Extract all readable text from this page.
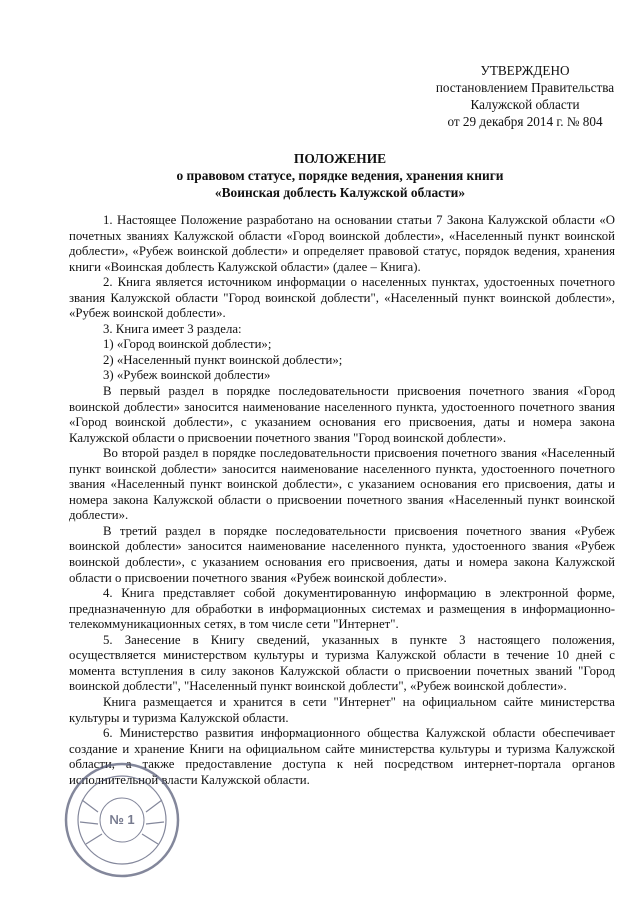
УТВЕРЖДЕНО
постановлением Правительства
Калужской области
от 29 декабря 2014 г. № 804
ПОЛОЖЕНИЕ
о правовом статусе, порядке ведения, хранения книги
«Воинская доблесть Калужской области»

1. Настоящее Положение разработано на основании статьи 7 Закона Калужской области «О почетных званиях Калужской области «Город воинской доблести», «Населенный пункт воинской доблести», «Рубеж воинской доблести» и определяет правовой статус, порядок ведения, хранения книги «Воинская доблесть Калужской области» (далее – Книга).

2. Книга является источником информации о населенных пунктах, удостоенных почетного звания Калужской области "Город воинской доблести", «Населенный пункт воинской доблести», «Рубеж воинской доблести».

3. Книга имеет 3 раздела:

1) «Город воинской доблести»;

2) «Населенный пункт воинской доблести»;

3) «Рубеж воинской доблести»

В первый раздел в порядке последовательности присвоения почетного звания «Город воинской доблести» заносится наименование населенного пункта, удостоенного почетного звания «Город воинской доблести», с указанием основания его присвоения, даты и номера закона Калужской области о присвоении почетного звания "Город воинской доблести».

Во второй раздел в порядке последовательности присвоения почетного звания «Населенный пункт воинской доблести» заносится наименование населенного пункта, удостоенного почетного звания «Населенный пункт воинской доблести», с указанием основания его присвоения, даты и номера закона Калужской области о присвоении почетного звания «Населенный пункт воинской доблести».

В третий раздел в порядке последовательности присвоения почетного звания «Рубеж воинской доблести» заносится наименование населенного пункта, удостоенного звания «Рубеж воинской доблести», с указанием основания его присвоения, даты и номера закона Калужской области о присвоении почетного звания «Рубеж воинской доблести».

4. Книга представляет собой документированную информацию в электронной форме, предназначенную для обработки в информационных системах и размещения в информационно-телекоммуникационных сетях, в том числе сети "Интернет".

5. Занесение в Книгу сведений, указанных в пункте 3 настоящего положения, осуществляется министерством культуры и туризма Калужской области в течение 10 дней с момента вступления в силу законов Калужской области о присвоении почетных званий "Город воинской доблести", "Населенный пункт воинской доблести", «Рубеж воинской доблести».

Книга размещается и хранится в сети "Интернет" на официальном сайте министерства культуры и туризма Калужской области.

6. Министерство развития информационного общества Калужской области обеспечивает создание и хранение Книги на официальном сайте министерства культуры и туризма Калужской области, а также предоставление доступа к ней посредством интернет-портала органов исполнительной власти Калужской области.

№ 1
